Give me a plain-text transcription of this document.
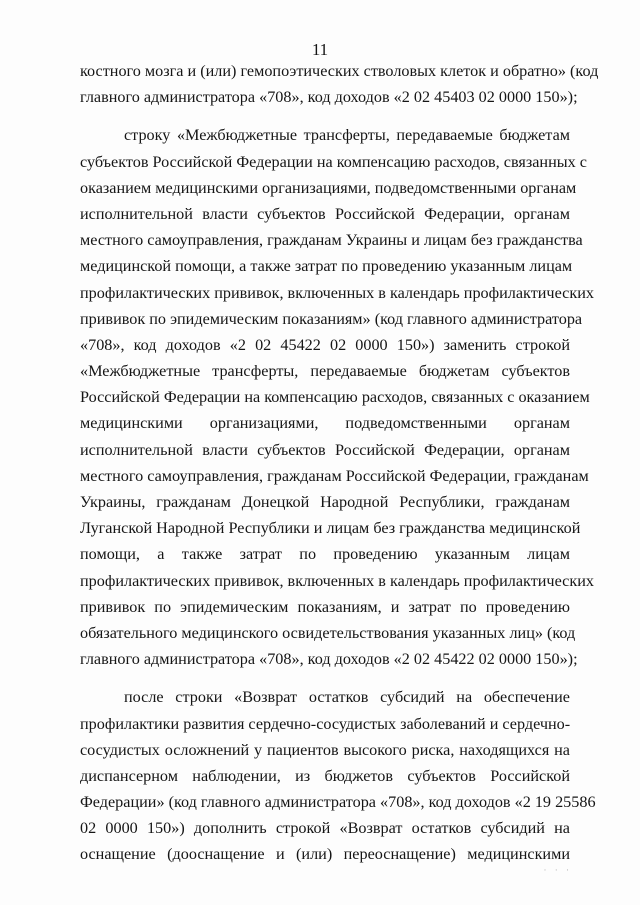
11
костного мозга и (или) гемопоэтических стволовых клеток и обратно» (код
главного администратора «708», код доходов «2 02 45403 02 0000 150»);
строку «Межбюджетные трансферты, передаваемые бюджетам
субъектов Российской Федерации на компенсацию расходов, связанных с
оказанием медицинскими организациями, подведомственными органам
исполнительной власти субъектов Российской Федерации, органам
местного самоуправления, гражданам Украины и лицам без гражданства
медицинской помощи, а также затрат по проведению указанным лицам
профилактических прививок, включенных в календарь профилактических
прививок по эпидемическим показаниям» (код главного администратора
«708», код доходов «2 02 45422 02 0000 150») заменить строкой
«Межбюджетные трансферты, передаваемые бюджетам субъектов
Российской Федерации на компенсацию расходов, связанных с оказанием
медицинскими организациями, подведомственными органам
исполнительной власти субъектов Российской Федерации, органам
местного самоуправления, гражданам Российской Федерации, гражданам
Украины, гражданам Донецкой Народной Республики, гражданам
Луганской Народной Республики и лицам без гражданства медицинской
помощи, а также затрат по проведению указанным лицам
профилактических прививок, включенных в календарь профилактических
прививок по эпидемическим показаниям, и затрат по проведению
обязательного медицинского освидетельствования указанных лиц» (код
главного администратора «708», код доходов «2 02 45422 02 0000 150»);
после строки «Возврат остатков субсидий на обеспечение
профилактики развития сердечно-сосудистых заболеваний и сердечно-
сосудистых осложнений у пациентов высокого риска, находящихся на
диспансерном наблюдении, из бюджетов субъектов Российской
Федерации» (код главного администратора «708», код доходов «2 19 25586
02 0000 150») дополнить строкой «Возврат остатков субсидий на
оснащение (дооснащение и (или) переоснащение) медицинскими
· · ·
